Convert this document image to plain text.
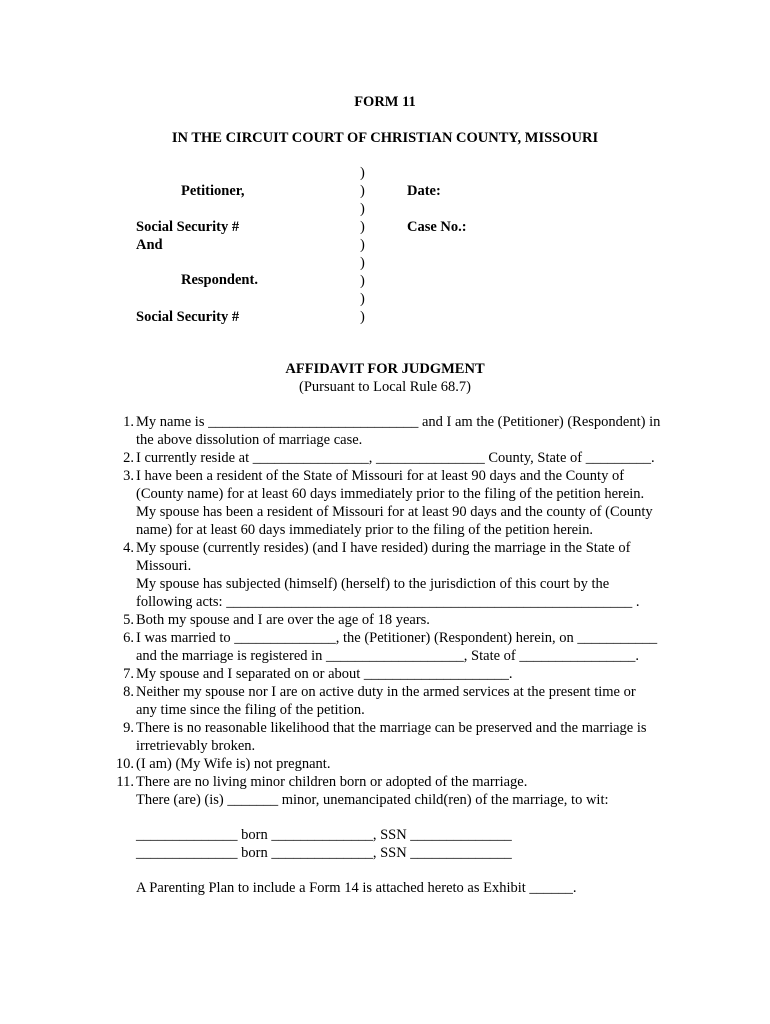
FORM 11
IN THE CIRCUIT COURT OF CHRISTIAN COUNTY, MISSOURI
Petitioner,
Social Security #
And
Respondent.
Social Security #
)
)
)
)
)
)
)
)
)
Date:
Case No.:
AFFIDAVIT FOR JUDGMENT
(Pursuant to Local Rule 68.7)
1. My name is _____________________________ and I am the (Petitioner) (Respondent) in
the above dissolution of marriage case.
2. I currently reside at ________________, _______________ County, State of _________.
3. I have been a resident of the State of Missouri for at least 90 days and the County of
(County name) for at least 60 days immediately prior to the filing of the petition herein.
My spouse has been a resident of Missouri for at least 90 days and the county of (County
name) for at least 60 days immediately prior to the filing of the petition herein.
4. My spouse (currently resides) (and I have resided) during the marriage in the State of
Missouri.
My spouse has subjected (himself) (herself) to the jurisdiction of this court by the
following acts: ________________________________________________________ .
5. Both my spouse and I are over the age of 18 years.
6. I was married to ______________, the (Petitioner) (Respondent) herein, on ___________
and the marriage is registered in ___________________, State of ________________.
7. My spouse and I separated on or about ____________________.
8. Neither my spouse nor I are on active duty in the armed services at the present time or
any time since the filing of the petition.
9. There is no reasonable likelihood that the marriage can be preserved and the marriage is
irretrievably broken.
10. (I am) (My Wife is) not pregnant.
11. There are no living minor children born or adopted of the marriage.
There (are) (is) _______ minor, unemancipated child(ren) of the marriage, to wit:
______________ born ______________, SSN ______________
______________ born ______________, SSN ______________
A Parenting Plan to include a Form 14 is attached hereto as Exhibit ______.
